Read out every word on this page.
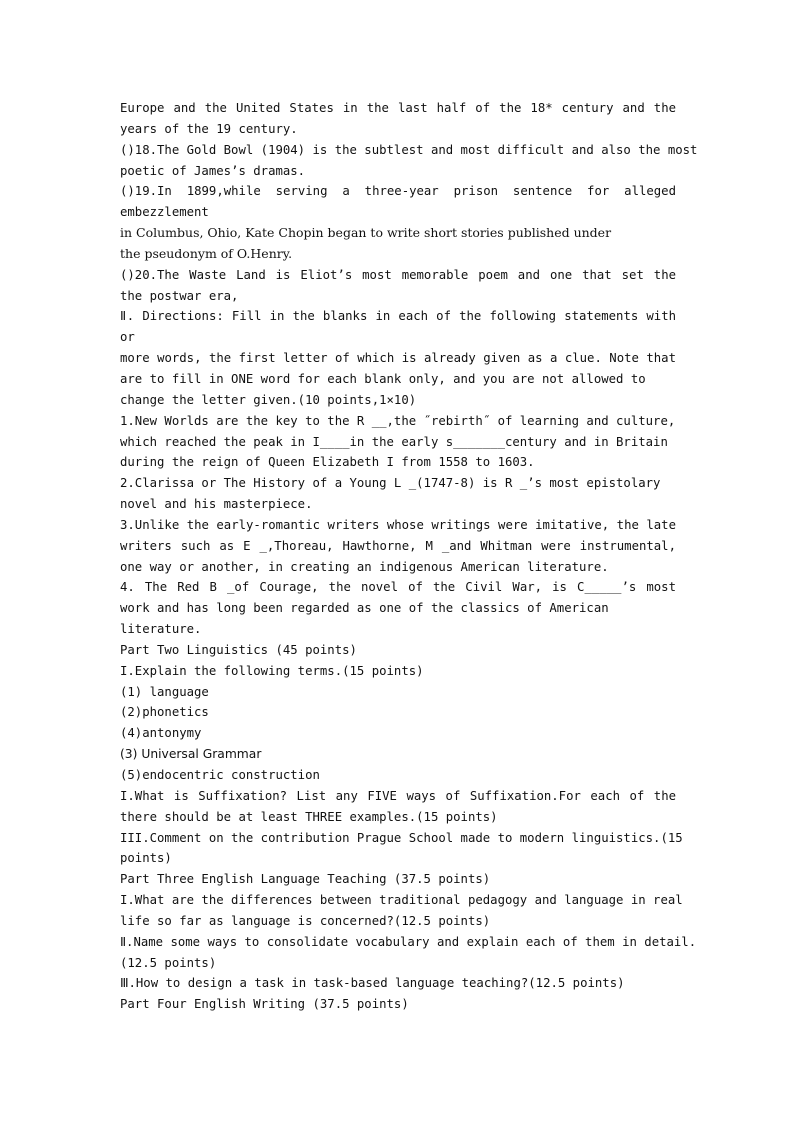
Europe and the United States in the last half of the 18* century and the
years of the 19 century.
()18.The Gold Bowl (1904) is the subtlest and most difficult and also the most
poetic of James’s dramas.
()19.In 1899,while serving a three-year prison sentence for alleged
embezzlement
in Columbus, Ohio, Kate Chopin began to write short stories published under
the pseudonym of O.Henry.
()20.The Waste Land is Eliot’s most memorable poem and one that set the
the postwar era,
Ⅱ. Directions: Fill in the blanks in each of the following statements with
or
more words, the first letter of which is already given as a clue. Note that
are to fill in ONE word for each blank only, and you are not allowed to
change the letter given.(10 points,1×10)
1.New Worlds are the key to the R __,the ˝rebirth˝ of learning and culture,
which reached the peak in I____in the early s_______century and in Britain
during the reign of Queen Elizabeth I from 1558 to 1603.
2.Clarissa or The History of a Young L _(1747-8) is R _’s most epistolary
novel and his masterpiece.
3.Unlike the early-romantic writers whose writings were imitative, the late
writers such as E _,Thoreau, Hawthorne, M _and Whitman were instrumental,
one way or another, in creating an indigenous American literature.
4. The Red B _of Courage, the novel of the Civil War, is C_____’s most
work and has long been regarded as one of the classics of American
literature.
Part Two Linguistics (45 points)
I.Explain the following terms.(15 points)
(1) language
(2)phonetics
(4)antonymy
(3) Universal Grammar
(5)endocentric construction
I.What is Suffixation? List any FIVE ways of Suffixation.For each of the
there should be at least THREE examples.(15 points)
III.Comment on the contribution Prague School made to modern linguistics.(15
points)
Part Three English Language Teaching (37.5 points)
I.What are the differences between traditional pedagogy and language in real
life so far as language is concerned?(12.5 points)
Ⅱ.Name some ways to consolidate vocabulary and explain each of them in detail.
(12.5 points)
Ⅲ.How to design a task in task-based language teaching?(12.5 points)
Part Four English Writing (37.5 points)
